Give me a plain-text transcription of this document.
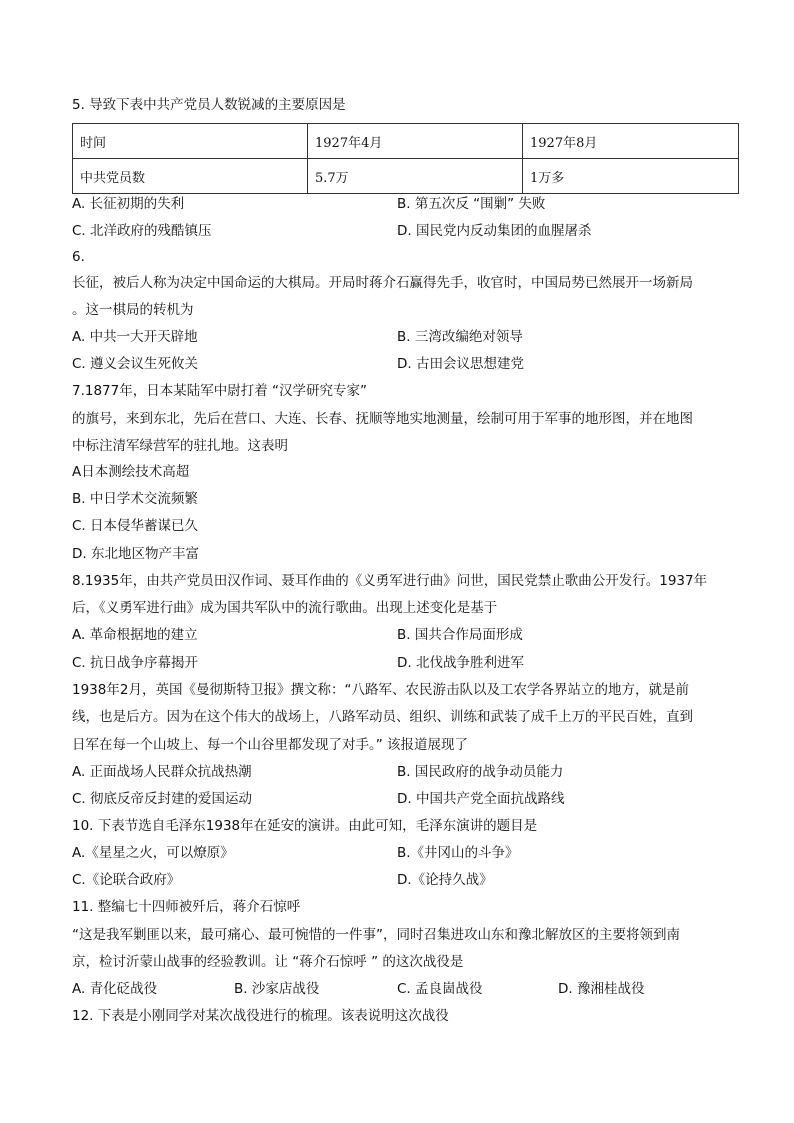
5. 导致下表中共产党员人数锐减的主要原因是
时间	1927年4月	1927年8月
中共党员数	5.7万	1万多
A. 长征初期的失利	B. 第五次反 “围剿” 失败
C. 北洋政府的残酷镇压	D. 国民党内反动集团的血腥屠杀
6.
长征，被后人称为决定中国命运的大棋局。开局时蒋介石赢得先手，收官时，中国局势已然展开一场新局
。这一棋局的转机为
A. 中共一大开天辟地	B. 三湾改编绝对领导
C. 遵义会议生死攸关	D. 古田会议思想建党
7.1877年，日本某陆军中尉打着 “汉学研究专家”
的旗号，来到东北，先后在营口、大连、长春、抚顺等地实地测量，绘制可用于军事的地形图，并在地图
中标注清军绿营军的驻扎地。这表明
A日本测绘技术高超
B. 中日学术交流频繁
C. 日本侵华蓄谋已久
D. 东北地区物产丰富
8.1935年，由共产党员田汉作词、聂耳作曲的《义勇军进行曲》问世，国民党禁止歌曲公开发行。1937年
后，《义勇军进行曲》成为国共军队中的流行歌曲。出现上述变化是基于
A. 革命根据地的建立	B. 国共合作局面形成
C. 抗日战争序幕揭开	D. 北伐战争胜利进军
1938年2月，英国《曼彻斯特卫报》撰文称：“八路军、农民游击队以及工农学各界站立的地方，就是前
线，也是后方。因为在这个伟大的战场上，八路军动员、组织、训练和武装了成千上万的平民百姓，直到
日军在每一个山坡上、每一个山谷里都发现了对手。” 该报道展现了
A. 正面战场人民群众抗战热潮	B. 国民政府的战争动员能力
C. 彻底反帝反封建的爱国运动	D. 中国共产党全面抗战路线
10. 下表节选自毛泽东1938年在延安的演讲。由此可知，毛泽东演讲的题目是
A.《星星之火，可以燎原》	B.《井冈山的斗争》
C.《论联合政府》	D.《论持久战》
11. 整编七十四师被歼后，蒋介石惊呼
“这是我军剿匪以来，最可痛心、最可惋惜的一件事”，同时召集进攻山东和豫北解放区的主要将领到南
京，检讨沂蒙山战事的经验教训。让 “蒋介石惊呼 ” 的这次战役是
A. 青化砭战役	B. 沙家店战役	C. 孟良崮战役	D. 豫湘桂战役
12. 下表是小刚同学对某次战役进行的梳理。该表说明这次战役
